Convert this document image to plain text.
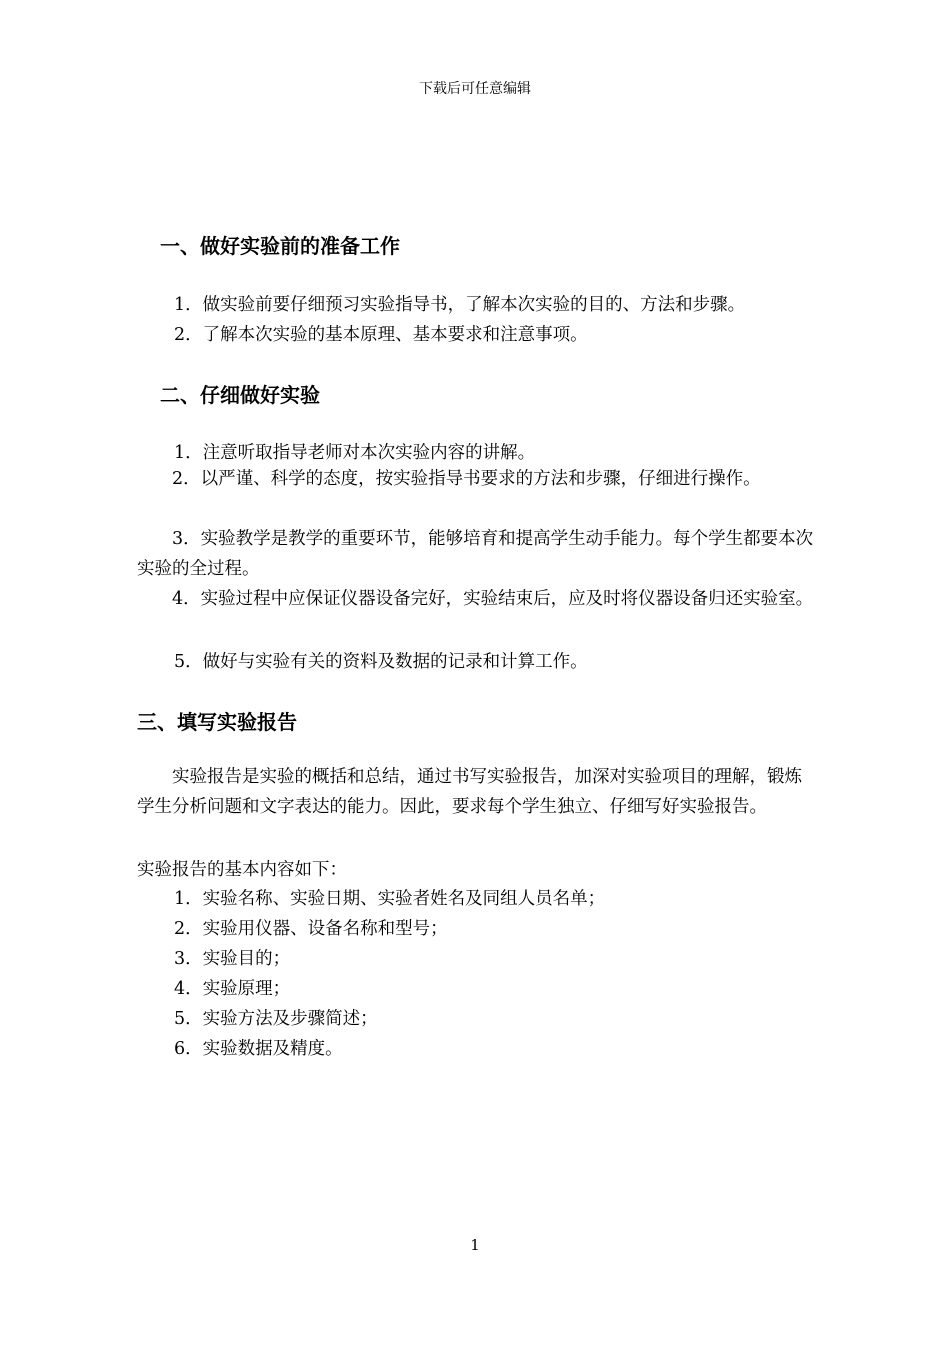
下载后可任意编辑
一、做好实验前的准备工作
1．做实验前要仔细预习实验指导书，了解本次实验的目的、方法和步骤。
2．了解本次实验的基本原理、基本要求和注意事项。
二、仔细做好实验
1．注意听取指导老师对本次实验内容的讲解。
2．以严谨、科学的态度，按实验指导书要求的方法和步骤，仔细进行操作。
3．实验教学是教学的重要环节，能够培育和提高学生动手能力。每个学生都要本次实验的全过程。
4．实验过程中应保证仪器设备完好，实验结束后，应及时将仪器设备归还实验室。
5．做好与实验有关的资料及数据的记录和计算工作。
三、填写实验报告
实验报告是实验的概括和总结，通过书写实验报告，加深对实验项目的理解，锻炼学生分析问题和文字表达的能力。因此，要求每个学生独立、仔细写好实验报告。
实验报告的基本内容如下：
1．实验名称、实验日期、实验者姓名及同组人员名单；
2．实验用仪器、设备名称和型号；
3．实验目的；
4．实验原理；
5．实验方法及步骤简述；
6．实验数据及精度。
1
